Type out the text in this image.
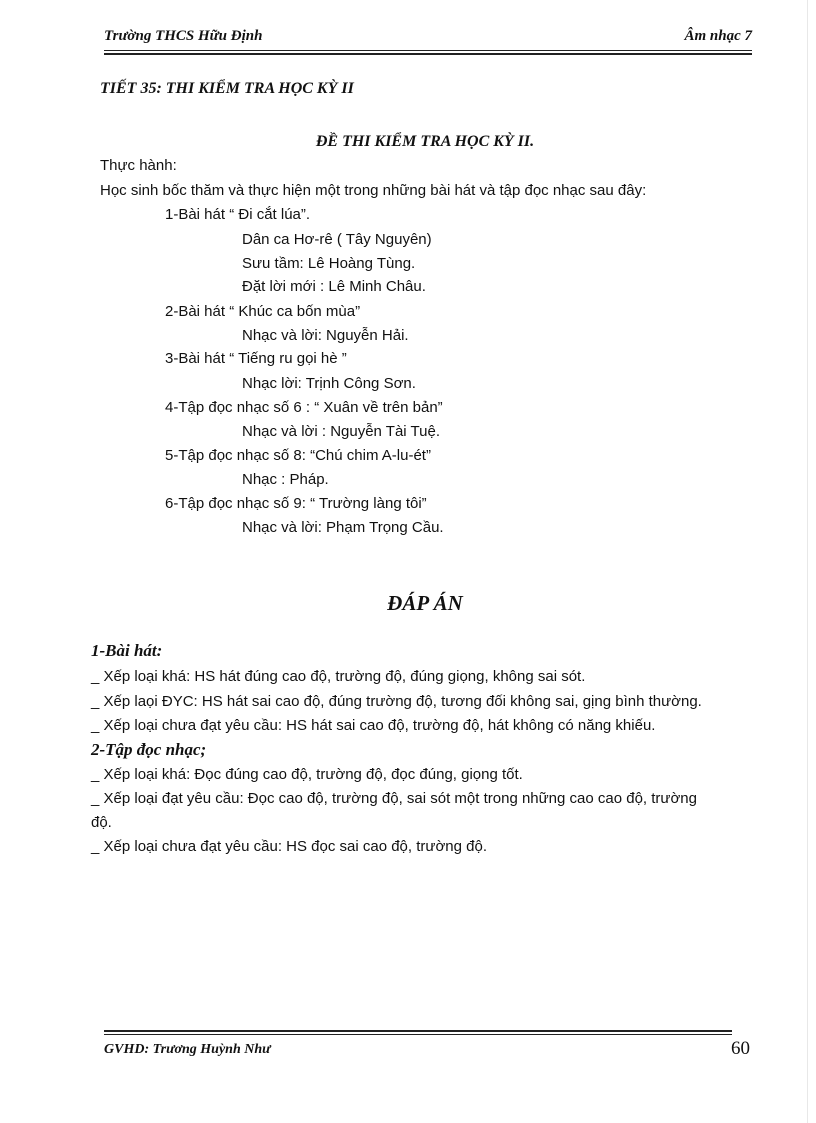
Trường THCS Hữu Định	Âm nhạc 7
TIẾT 35: THI KIỂM TRA HỌC KỲ II
ĐỀ THI KIỂM TRA HỌC KỲ II.
Thực hành:
Học sinh bốc thăm và thực hiện một trong những bài hát và tập đọc nhạc sau đây:
1-Bài hát “ Đi cắt lúa”.
Dân ca Hơ-rê ( Tây Nguyên)
Sưu tầm: Lê Hoàng Tùng.
Đặt lời mới : Lê Minh Châu.
2-Bài hát “ Khúc ca bốn mùa”
Nhạc và lời: Nguyễn Hải.
3-Bài hát “ Tiếng ru gọi hè ”
Nhạc lời: Trịnh Công Sơn.
4-Tập đọc nhạc số 6 : “ Xuân về trên bản”
Nhạc và lời : Nguyễn Tài Tuệ.
5-Tập đọc nhạc số 8: “Chú chim A-lu-ét”
Nhạc : Pháp.
6-Tập đọc nhạc số 9: “ Trường làng tôi”
Nhạc và lời: Phạm Trọng Cầu.
ĐÁP ÁN
1-Bài hát:
_ Xếp loại khá: HS hát đúng cao độ, trường độ, đúng giọng, không sai sót.
_ Xếp laọi ĐYC: HS hát sai cao độ, đúng trường độ, tương đối không sai, gịng bình thường.
_ Xếp loại chưa đạt yêu cầu: HS hát sai cao độ, trường độ, hát không có năng khiếu.
2-Tập đọc nhạc;
_ Xếp loại khá: Đọc đúng cao độ, trường độ, đọc đúng, giọng tốt.
_ Xếp loại đạt yêu cầu: Đọc cao độ, trường độ, sai sót một trong những cao cao độ, trường
độ.
_ Xếp loại chưa đạt yêu cầu: HS đọc sai cao độ, trường độ.
GVHD: Trương Huỳnh Như	60
